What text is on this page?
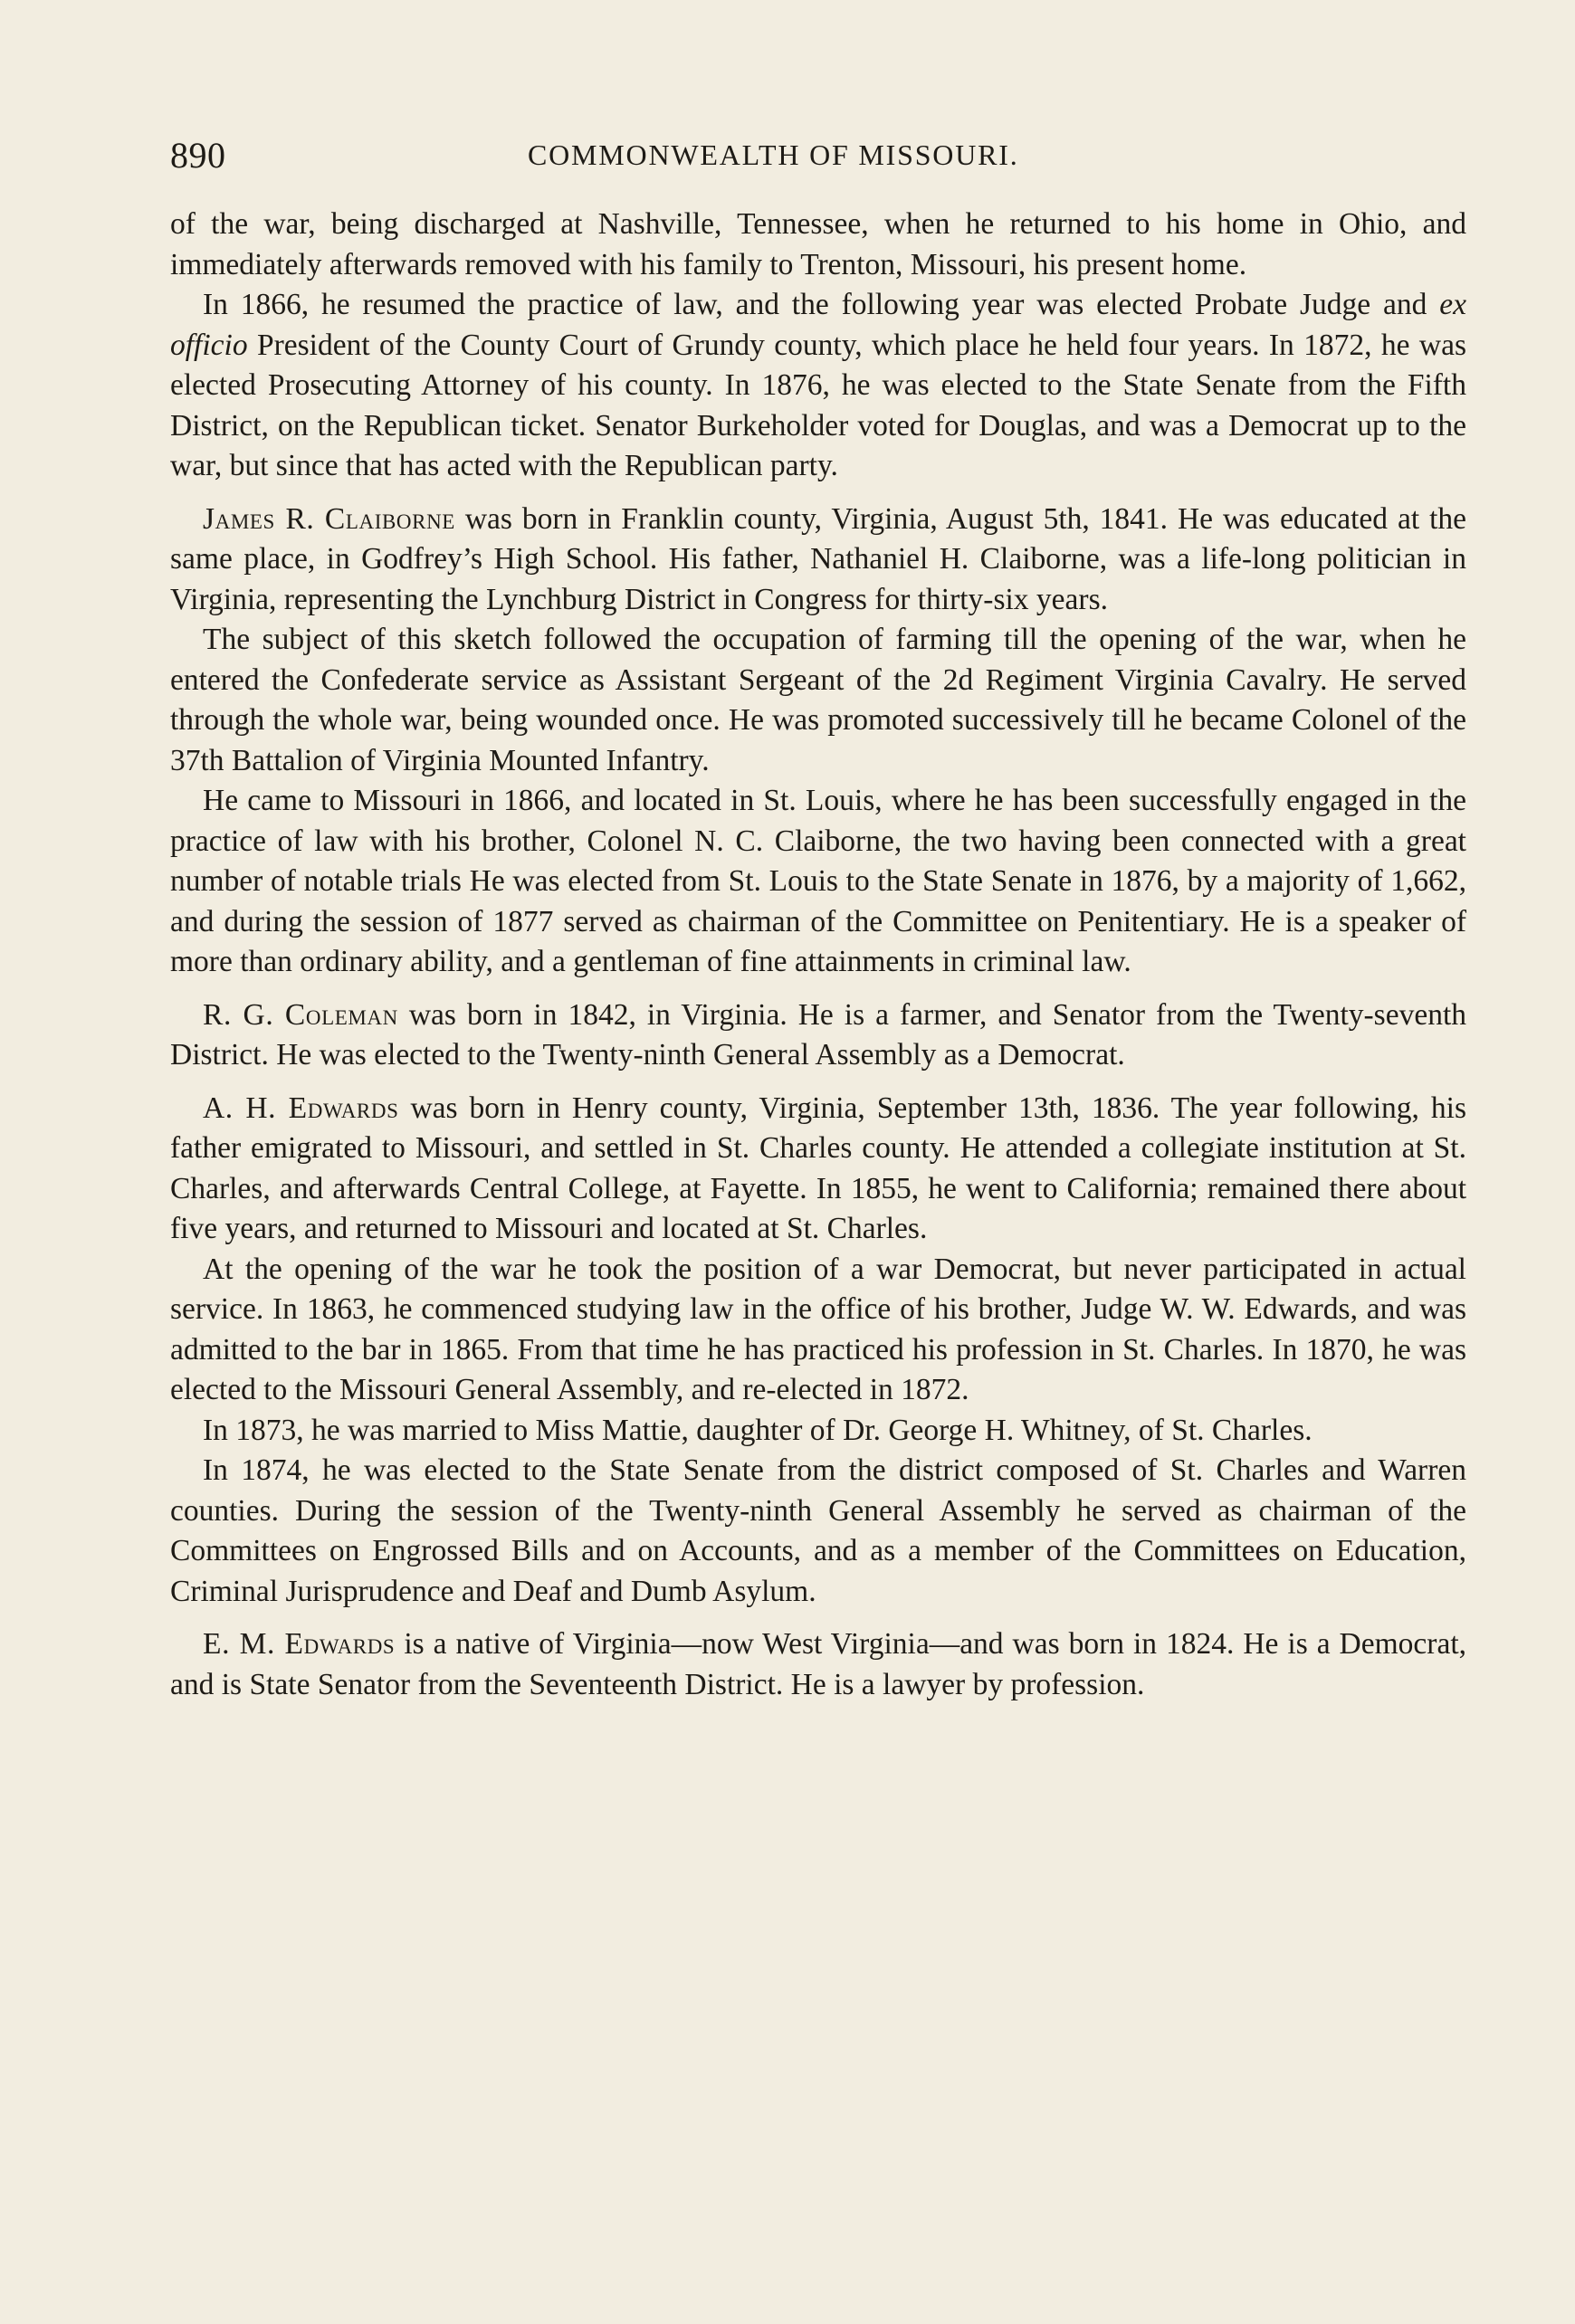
890	COMMONWEALTH OF MISSOURI.

of the war, being discharged at Nashville, Tennessee, when he returned to his home in Ohio, and immediately afterwards removed with his family to Trenton, Missouri, his present home.

In 1866, he resumed the practice of law, and the following year was elected Probate Judge and ex officio President of the County Court of Grundy county, which place he held four years. In 1872, he was elected Prosecuting Attorney of his county. In 1876, he was elected to the State Senate from the Fifth District, on the Republican ticket. Senator Burkeholder voted for Douglas, and was a Democrat up to the war, but since that has acted with the Republican party.

James R. Claiborne was born in Franklin county, Virginia, August 5th, 1841. He was educated at the same place, in Godfrey’s High School. His father, Nathaniel H. Claiborne, was a life-long politician in Virginia, representing the Lynchburg District in Congress for thirty-six years.

The subject of this sketch followed the occupation of farming till the opening of the war, when he entered the Confederate service as Assistant Sergeant of the 2d Regiment Virginia Cavalry. He served through the whole war, being wounded once. He was promoted successively till he became Colonel of the 37th Battalion of Virginia Mounted Infantry.

He came to Missouri in 1866, and located in St. Louis, where he has been successfully engaged in the practice of law with his brother, Colonel N. C. Claiborne, the two having been connected with a great number of notable trials He was elected from St. Louis to the State Senate in 1876, by a majority of 1,662, and during the session of 1877 served as chairman of the Committee on Penitentiary. He is a speaker of more than ordinary ability, and a gentleman of fine attainments in criminal law.

R. G. Coleman was born in 1842, in Virginia. He is a farmer, and Senator from the Twenty-seventh District. He was elected to the Twenty-ninth General Assembly as a Democrat.

A. H. Edwards was born in Henry county, Virginia, September 13th, 1836. The year following, his father emigrated to Missouri, and settled in St. Charles county. He attended a collegiate institution at St. Charles, and afterwards Central College, at Fayette. In 1855, he went to California; remained there about five years, and returned to Missouri and located at St. Charles.

At the opening of the war he took the position of a war Democrat, but never participated in actual service. In 1863, he commenced studying law in the office of his brother, Judge W. W. Edwards, and was admitted to the bar in 1865. From that time he has practiced his profession in St. Charles. In 1870, he was elected to the Missouri General Assembly, and re-elected in 1872.

In 1873, he was married to Miss Mattie, daughter of Dr. George H. Whitney, of St. Charles.

In 1874, he was elected to the State Senate from the district composed of St. Charles and Warren counties. During the session of the Twenty-ninth General Assembly he served as chairman of the Committees on Engrossed Bills and on Accounts, and as a member of the Committees on Education, Criminal Jurisprudence and Deaf and Dumb Asylum.

E. M. Edwards is a native of Virginia—now West Virginia—and was born in 1824. He is a Democrat, and is State Senator from the Seventeenth District. He is a lawyer by profession.
